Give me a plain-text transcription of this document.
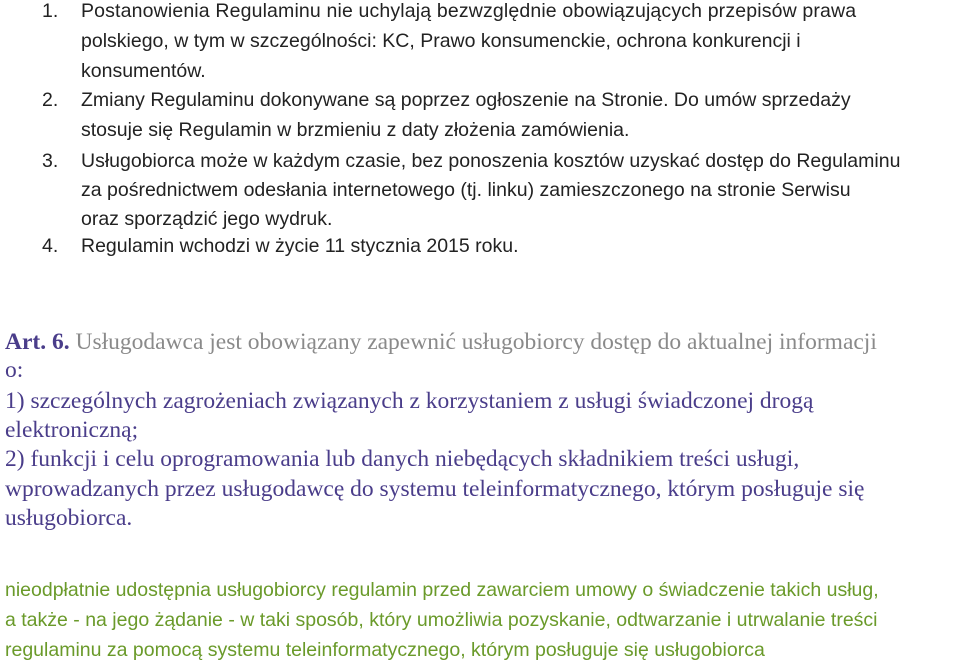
1. Postanowienia Regulaminu nie uchylają bezwzględnie obowiązujących przepisów prawa
polskiego, w tym w szczególności: KC, Prawo konsumenckie, ochrona konkurencji i
konsumentów.
2. Zmiany Regulaminu dokonywane są poprzez ogłoszenie na Stronie. Do umów sprzedaży
stosuje się Regulamin w brzmieniu z daty złożenia zamówienia.
3. Usługobiorca może w każdym czasie, bez ponoszenia kosztów uzyskać dostęp do Regulaminu
za pośrednictwem odesłania internetowego (tj. linku) zamieszczonego na stronie Serwisu
oraz sporządzić jego wydruk.
4. Regulamin wchodzi w życie 11 stycznia 2015 roku.
Art. 6. Usługodawca jest obowiązany zapewnić usługobiorcy dostęp do aktualnej informacji
o:
1) szczególnych zagrożeniach związanych z korzystaniem z usługi świadczonej drogą
elektroniczną;
2) funkcji i celu oprogramowania lub danych niebędących składnikiem treści usługi,
wprowadzanych przez usługodawcę do systemu teleinformatycznego, którym posługuje się
usługobiorca.
nieodpłatnie udostępnia usługobiorcy regulamin przed zawarciem umowy o świadczenie takich usług,
a także - na jego żądanie - w taki sposób, który umożliwia pozyskanie, odtwarzanie i utrwalanie treści
regulaminu za pomocą systemu teleinformatycznego, którym posługuje się usługobiorca
